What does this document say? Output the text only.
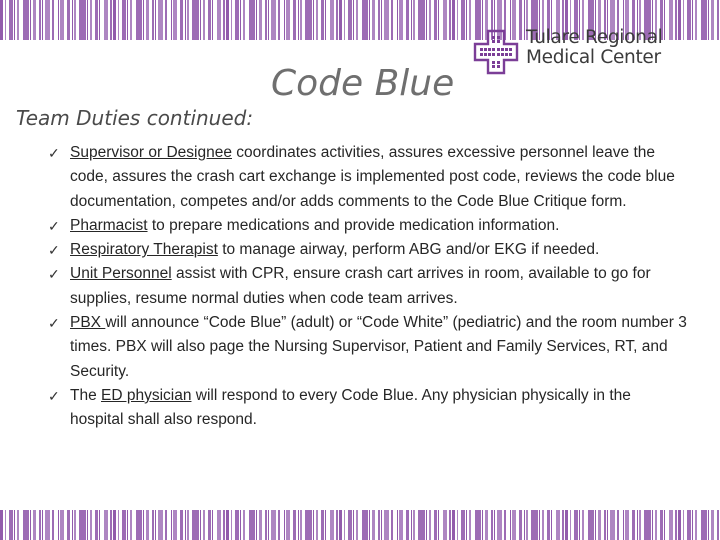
Tulare Regional
Medical Center
Code Blue
Team Duties continued:
✓ Supervisor or Designee coordinates activities, assures excessive personnel leave the code, assures the crash cart exchange is implemented post code, reviews the code blue documentation, competes and/or adds comments to the Code Blue Critique form.
✓ Pharmacist to prepare medications and provide medication information.
✓ Respiratory Therapist to manage airway, perform ABG and/or EKG if needed.
✓ Unit Personnel assist with CPR, ensure crash cart arrives in room, available to go for supplies, resume normal duties when code team arrives.
✓ PBX will announce “Code Blue” (adult) or “Code White” (pediatric) and the room number 3 times. PBX will also page the Nursing Supervisor, Patient and Family Services, RT, and Security.
✓ The ED physician will respond to every Code Blue. Any physician physically in the hospital shall also respond.
